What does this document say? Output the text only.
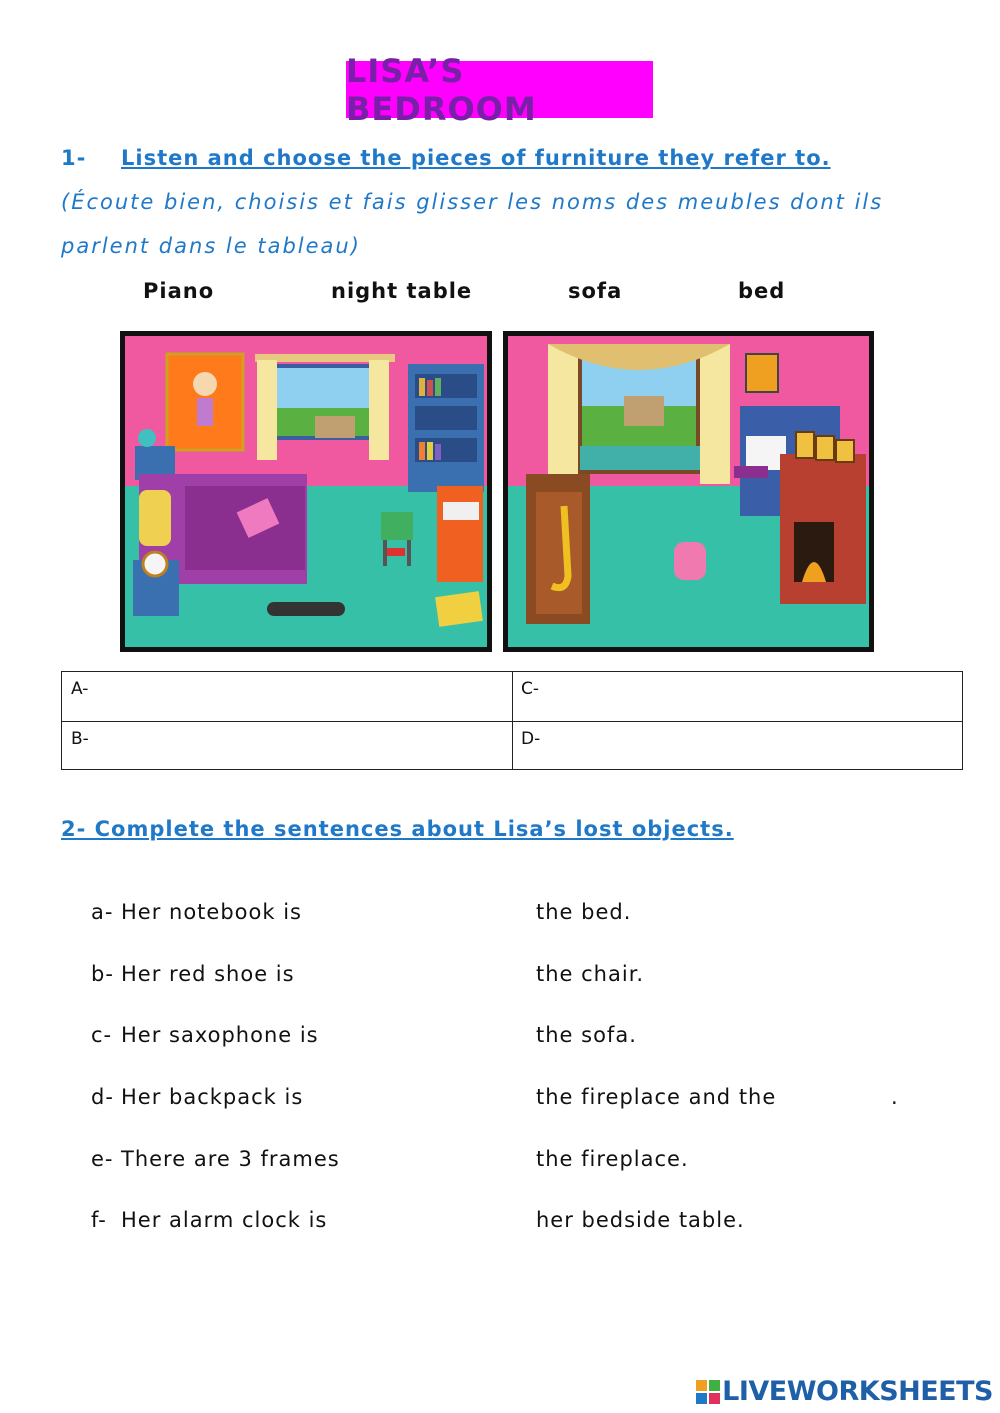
LISA’S BEDROOM
1- Listen and choose the pieces of furniture they refer to.
(Écoute bien, choisis et fais glisser les noms des meubles dont ils
parlent dans le tableau)
Piano	night table	sofa	bed
A-	C-
B-	D-
2- Complete the sentences about Lisa’s lost objects.
a- Her notebook is	the bed.
b- Her red shoe is	the chair.
c- Her saxophone is	the sofa.
d- Her backpack is	the fireplace and the	.
e- There are 3 frames	the fireplace.
f- Her alarm clock is	her bedside table.
LIVEWORKSHEETS
